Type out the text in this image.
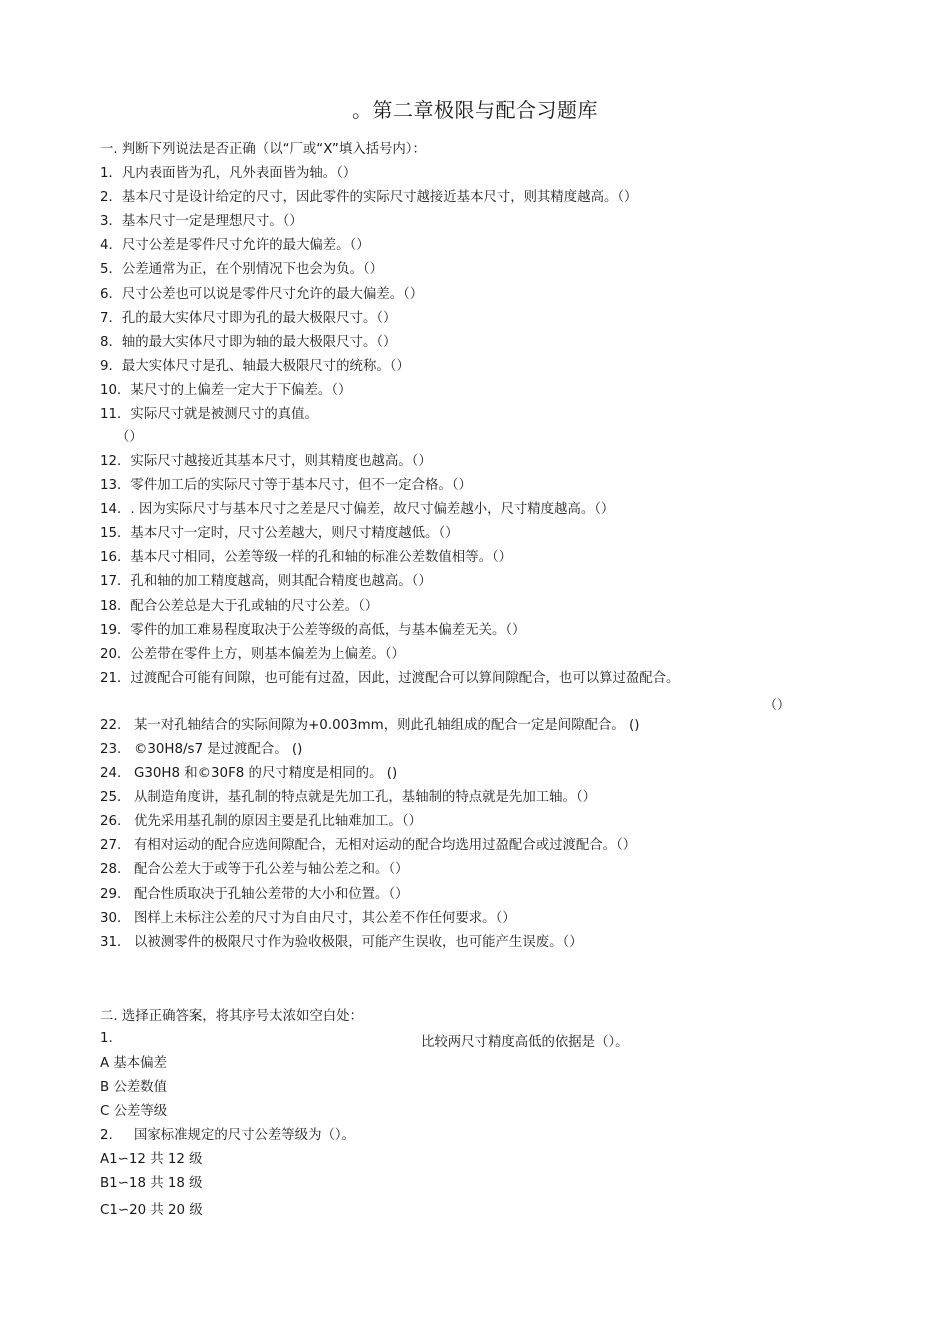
。第二章极限与配合习题库
一. 判断下列说法是否正确（以“厂或“X”填入括号内）：
1．凡内表面皆为孔，凡外表面皆为轴。（）
2．基本尺寸是设计给定的尺寸，因此零件的实际尺寸越接近基本尺寸，则其精度越高。（）
3．基本尺寸一定是理想尺寸。（）
4．尺寸公差是零件尺寸允许的最大偏差。（）
5．公差通常为正，在个别情况下也会为负。（）
6．尺寸公差也可以说是零件尺寸允许的最大偏差。（）
7．孔的最大实体尺寸即为孔的最大极限尺寸。（）
8．轴的最大实体尺寸即为轴的最大极限尺寸。（）
9．最大实体尺寸是孔、轴最大极限尺寸的统称。（）
10．某尺寸的上偏差一定大于下偏差。（）
11．实际尺寸就是被测尺寸的真值。
（）
12．实际尺寸越接近其基本尺寸，则其精度也越高。（）
13．零件加工后的实际尺寸等于基本尺寸，但不一定合格。（）
14．. 因为实际尺寸与基本尺寸之差是尺寸偏差，故尺寸偏差越小，尺寸精度越高。（）
15．基本尺寸一定时，尺寸公差越大，则尺寸精度越低。（）
16．基本尺寸相同，公差等级一样的孔和轴的标准公差数值相等。（）
17．孔和轴的加工精度越高，则其配合精度也越高。（）
18．配合公差总是大于孔或轴的尺寸公差。（）
19．零件的加工难易程度取决于公差等级的高低，与基本偏差无关。（）
20．公差带在零件上方，则基本偏差为上偏差。（）
21．过渡配合可能有间隙，也可能有过盈，因此，过渡配合可以算间隙配合，也可以算过盈配合。
（）
22. 某一对孔轴结合的实际间隙为+0.003mm，则此孔轴组成的配合一定是间隙配合。 ()
23. ©30H8/s7 是过渡配合。 ()
24. G30H8 和©30F8 的尺寸精度是相同的。 ()
25. 从制造角度讲，基孔制的特点就是先加工孔，基轴制的特点就是先加工轴。（）
26. 优先采用基孔制的原因主要是孔比轴难加工。（）
27. 有相对运动的配合应选间隙配合，无相对运动的配合均选用过盈配合或过渡配合。（）
28. 配合公差大于或等于孔公差与轴公差之和。（）
29. 配合性质取决于孔轴公差带的大小和位置。（）
30. 图样上未标注公差的尺寸为自由尺寸，其公差不作任何要求。（）
31. 以被测零件的极限尺寸作为验收极限，可能产生误收，也可能产生误废。（）
二. 选择正确答案，将其序号太浓如空白处：
1.	比较两尺寸精度高低的依据是（）。
A 基本偏差
B 公差数值
C 公差等级
2. 国家标准规定的尺寸公差等级为（）。
A1∽12 共 12 级
B1∽18 共 18 级
C1∽20 共 20 级
